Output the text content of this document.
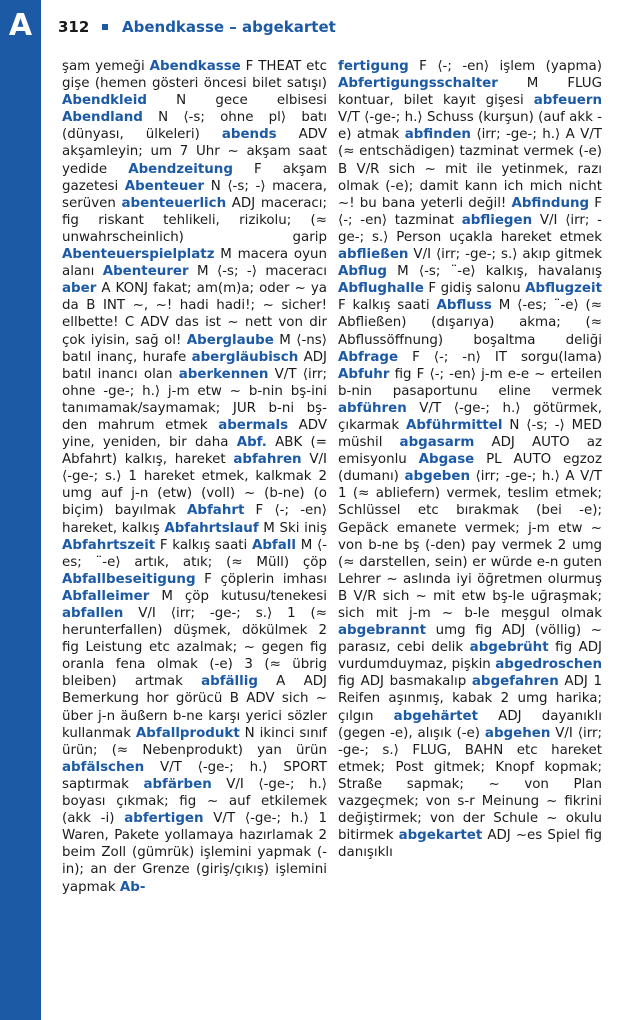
A	312 Abendkasse – abgekartet

şam yemeği Abendkasse F THEAT etc gişe (hemen gösteri öncesi bilet satışı) Abendkleid N gece elbisesi Abendland N ⟨-s; ohne pl⟩ batı (dünyası, ülkeleri) abends ADV akşamleyin; um 7 Uhr ~ akşam saat yedide Abendzeitung F akşam gazetesi Abenteuer N ⟨-s; -⟩ macera, serüven abenteuerlich ADJ maceracı; fig riskant tehlikeli, rizikolu; (≈ unwahrscheinlich) garip Abenteuerspielplatz M macera oyun alanı Abenteurer M ⟨-s; -⟩ maceracı aber A KONJ fakat; am(m)a; oder ~ ya da B INT ~, ~! hadi hadi!; ~ sicher! ellbette! C ADV das ist ~ nett von dir çok iyisin, sağ ol! Aberglaube M ⟨-ns⟩ batıl inanç, hurafe abergläubisch ADJ batıl inancı olan aberkennen V/T ⟨irr; ohne -ge-; h.⟩ j-m etw ~ b-nin bş-ini tanımamak/saymamak; JUR b-ni bş-den mahrum etmek abermals ADV yine, yeniden, bir daha Abf. ABK (= Abfahrt) kalkış, hareket abfahren V/I ⟨-ge-; s.⟩ 1 hareket etmek, kalkmak 2 umg auf j-n (etw) (voll) ~ (b-ne) (o biçim) bayılmak Abfahrt F ⟨-; -en⟩ hareket, kalkış Abfahrtslauf M Ski iniş Abfahrtszeit F kalkış saati Abfall M ⟨-es; ¨-e⟩ artık, atık; (≈ Müll) çöp Abfallbeseitigung F çöplerin imhası Abfalleimer M çöp kutusu/tenekesi abfallen V/I ⟨irr; -ge-; s.⟩ 1 (≈ herunterfallen) düşmek, dökülmek 2 fig Leistung etc azalmak; ~ gegen fig oranla fena olmak (-e) 3 (≈ übrig bleiben) artmak abfällig A ADJ Bemerkung hor görücü B ADV sich ~ über j-n äußern b-ne karşı yerici sözler kullanmak Abfallprodukt N ikinci sınıf ürün; (≈ Nebenprodukt) yan ürün abfälschen V/T ⟨-ge-; h.⟩ SPORT saptırmak abfärben V/I ⟨-ge-; h.⟩ boyası çıkmak; fig ~ auf etkilemek (akk -i) abfertigen V/T ⟨-ge-; h.⟩ 1 Waren, Pakete yollamaya hazırlamak 2 beim Zoll (gümrük) işlemini yapmak (-in); an der Grenze (giriş/çıkış) işlemini yapmak Ab-

fertigung F ⟨-; -en⟩ işlem (yapma) Abfertigungsschalter M FLUG kontuar, bilet kayıt gişesi abfeuern V/T ⟨-ge-; h.⟩ Schuss (kurşun) (auf akk -e) atmak abfinden ⟨irr; -ge-; h.⟩ A V/T (≈ entschädigen) tazminat vermek (-e) B V/R sich ~ mit ile yetinmek, razı olmak (-e); damit kann ich mich nicht ~! bu bana yeterli değil! Abfindung F ⟨-; -en⟩ tazminat abfliegen V/I ⟨irr; -ge-; s.⟩ Person uçakla hareket etmek abfließen V/I ⟨irr; -ge-; s.⟩ akıp gitmek Abflug M ⟨-s; ¨-e⟩ kalkış, havalanış Abflughalle F gidiş salonu Abflugzeit F kalkış saati Abfluss M ⟨-es; ¨-e⟩ (≈ Abfließen) (dışarıya) akma; (≈ Abflussöffnung) boşaltma deliği Abfrage F ⟨-; -n⟩ IT sorgu(lama) Abfuhr fig F ⟨-; -en⟩ j-m e-e ~ erteilen b-nin pasaportunu eline vermek abführen V/T ⟨-ge-; h.⟩ götürmek, çıkarmak Abführmittel N ⟨-s; -⟩ MED müshil abgasarm ADJ AUTO az emisyonlu Abgase PL AUTO egzoz (dumanı) abgeben ⟨irr; -ge-; h.⟩ A V/T 1 (≈ abliefern) vermek, teslim etmek; Schlüssel etc bırakmak (bei -e); Gepäck emanete vermek; j-m etw ~ von b-ne bş (-den) pay vermek 2 umg (≈ darstellen, sein) er würde e-n guten Lehrer ~ aslında iyi öğretmen olurmuş B V/R sich ~ mit etw bş-le uğraşmak; sich mit j-m ~ b-le meşgul olmak abgebrannt umg fig ADJ (völlig) ~ parasız, cebi delik abgebrüht fig ADJ vurdumduymaz, pişkin abgedroschen fig ADJ basmakalıp abgefahren ADJ 1 Reifen aşınmış, kabak 2 umg harika; çılgın abgehärtet ADJ dayanıklı (gegen -e), alışık (-e) abgehen V/I ⟨irr; -ge-; s.⟩ FLUG, BAHN etc hareket etmek; Post gitmek; Knopf kopmak; Straße sapmak; ~ von Plan vazgeçmek; von s-r Meinung ~ fikrini değiştirmek; von der Schule ~ okulu bitirmek abgekartet ADJ ~es Spiel fig danışıklı
